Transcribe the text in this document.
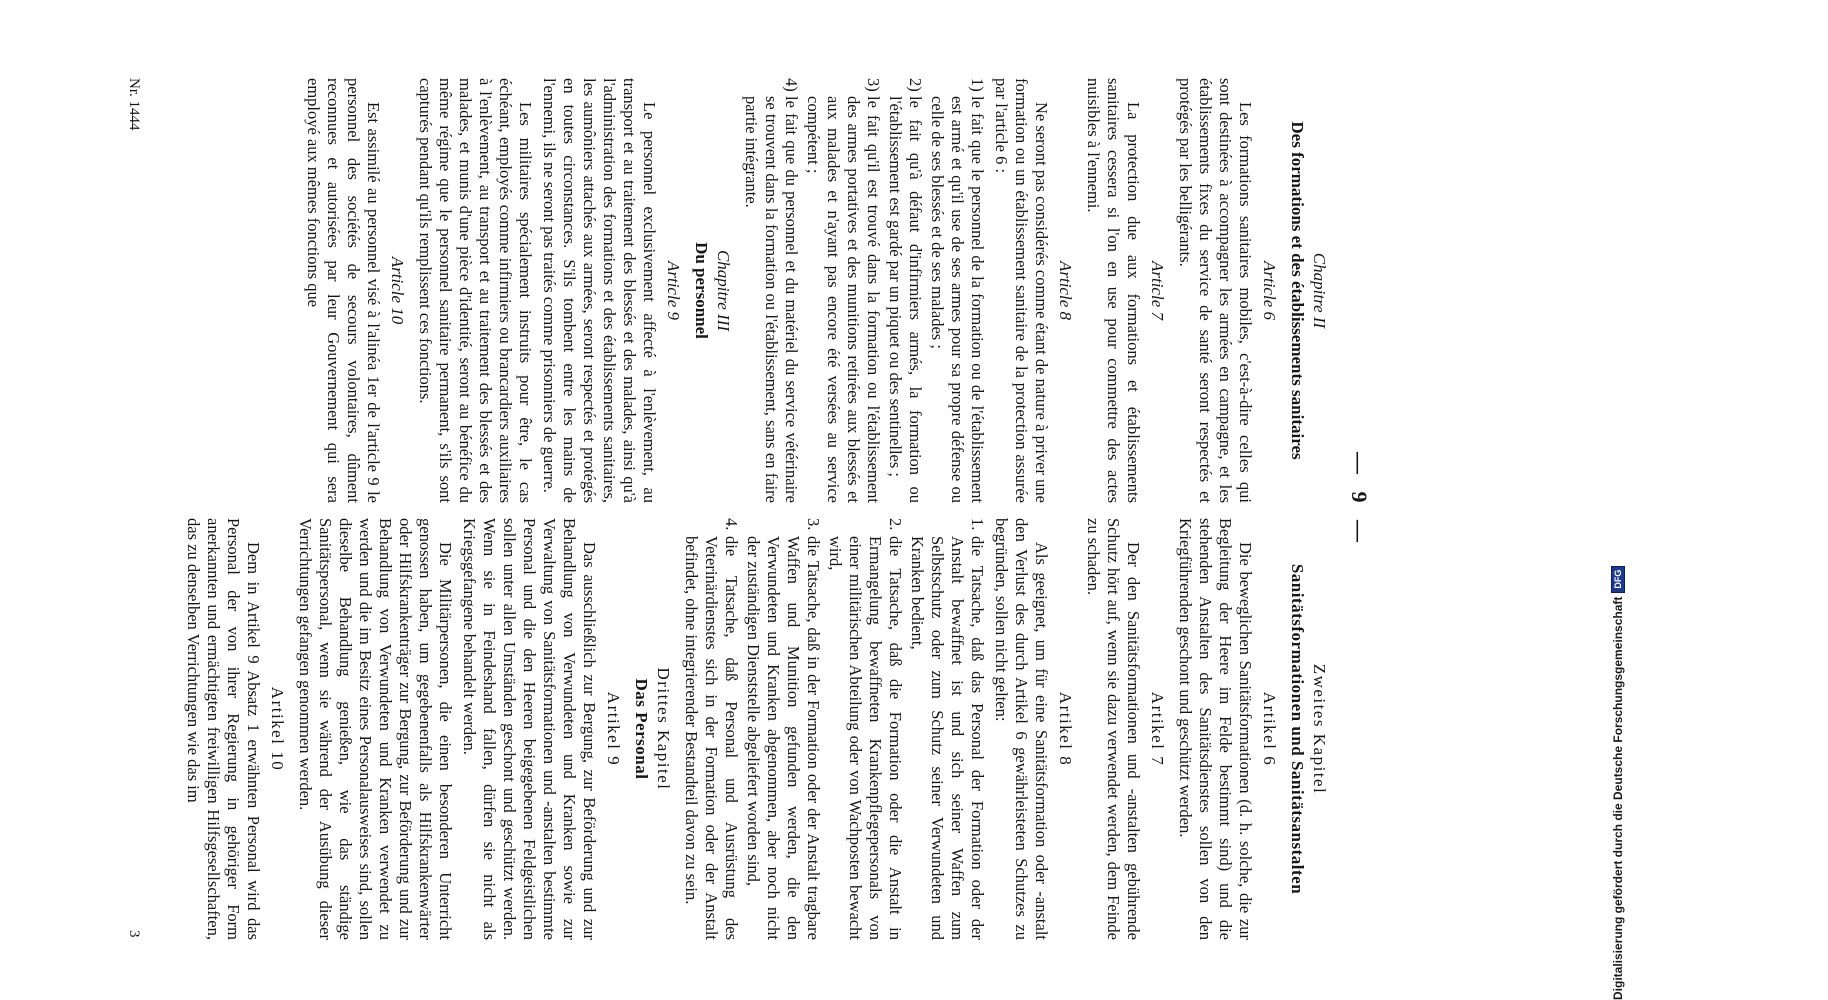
— 9 —
Chapitre II
Des formations et des établissements sanitaires
Article 6

Les formations sanitaires mobiles, c'est-à-dire celles qui sont destinées à accompagner les armées en campagne, et les établissements fixes du service de santé seront respectés et protégés par les belligérants.

Article 7

La protection due aux formations et établissements sanitaires cessera si l'on en use pour commettre des actes nuisibles à l'ennemi.

Article 8

Ne seront pas considérés comme étant de nature à priver une formation ou un établissement sanitaire de la protection assurée par l'article 6 :

1)
le fait que le personnel de la formation ou de l'établissement est armé et qu'il use de ses armes pour sa propre défense ou celle de ses blessés et de ses malades ;
2)
le fait qu'à défaut d'infirmiers armés, la formation ou l'établissement est gardé par un piquet ou des sentinelles ;
3)
le fait qu'il est trouvé dans la formation ou l'établissement des armes portatives et des munitions retirées aux blessés et aux malades et n'ayant pas encore été versées au service compétent ;
4)
le fait que du personnel et du matériel du service vétérinaire se trouvent dans la formation ou l'établissement, sans en faire partie intégrante.
Chapitre III
Du personnel
Article 9

Le personnel exclusivement affecté à l'enlèvement, au transport et au traitement des blessés et des malades, ainsi qu'à l'administration des formations et des établissements sanitaires, les aumôniers attachés aux armées, seront respectés et protégés en toutes circonstances. S'ils tombent entre les mains de l'ennemi, ils ne seront pas traités comme prisonniers de guerre.

Les militaires spécialement instruits pour être, le cas échéant, employés comme infirmiers ou brancardiers auxiliaires à l'enlèvement, au transport et au traitement des blessés et des malades, et munis d'une pièce d'identité, seront au bénéfice du même régime que le personnel sanitaire permanent, s'ils sont capturés pendant qu'ils remplissent ces fonctions.

Article 10

Est assimilé au personnel visé à l'alinéa 1er de l'article 9 le personnel des sociétés de secours volontaires, dûment reconnues et autorisées par leur Gouvernement qui sera employé aux mêmes fonctions que

Zweites Kapitel
Sanitätsformationen und Sanitätsanstalten
Artikel 6

Die beweglichen Sanitätsformationen (d. h. solche, die zur Begleitung der Heere im Felde bestimmt sind) und die stehenden Anstalten des Sanitätsdienstes sollen von den Kriegführenden geschont und geschützt werden.

Artikel 7

Der den Sanitätsformationen und -anstalten gebührende Schutz hört auf, wenn sie dazu verwendet werden, dem Feinde zu schaden.

Artikel 8

Als geeignet, um für eine Sanitätsformation oder -anstalt den Verlust des durch Artikel 6 gewährleisteten Schutzes zu begründen, sollen nicht gelten:

1.
die Tatsache, daß das Personal der Formation oder der Anstalt bewaffnet ist und sich seiner Waffen zum Selbstschutz oder zum Schutz seiner Verwundeten und Kranken bedient,
2.
die Tatsache, daß die Formation oder die Anstalt in Ermangelung bewaffneten Krankenpflegepersonals von einer militärischen Abteilung oder von Wachposten bewacht wird,
3.
die Tatsache, daß in der Formation oder der Anstalt tragbare Waffen und Munition gefunden werden, die den Verwundeten und Kranken abgenommen, aber noch nicht der zuständigen Dienststelle abgeliefert worden sind,
4.
die Tatsache, daß Personal und Ausrüstung des Veterinärdienstes sich in der Formation oder der Anstalt befindet, ohne integrierender Bestandteil davon zu sein.
Drittes Kapitel
Das Personal
Artikel 9

Das ausschließlich zur Bergung, zur Beförderung und zur Behandlung von Verwundeten und Kranken sowie zur Verwaltung von Sanitätsformationen und -anstalten bestimmte Personal und die den Heeren beigegebenen Feldgeistlichen sollen unter allen Umständen geschont und geschützt werden. Wenn sie in Feindeshand fallen, dürfen sie nicht als Kriegsgefangene behandelt werden.

Die Militärpersonen, die einen besonderen Unterricht genossen haben, um gegebenenfalls als Hilfskrankenwärter oder Hilfskrankenträger zur Bergung, zur Beförderung und zur Behandlung von Verwundeten und Kranken verwendet zu werden und die im Besitz eines Personalausweises sind, sollen dieselbe Behandlung genießen, wie das ständige Sanitätspersonal, wenn sie während der Ausübung dieser Verrichtungen gefangen genommen werden.

Artikel 10

Dem in Artikel 9 Absatz 1 erwähnten Personal wird das Personal der von ihrer Regierung in gehöriger Form anerkannten und ermächtigten freiwilligen Hilfsgesellschaften, das zu denselben Verrichtungen wie das im

Nr. 1444
3	Digitalisierung gefördert durch die Deutsche Forschungsgemeinschaft
DFG
